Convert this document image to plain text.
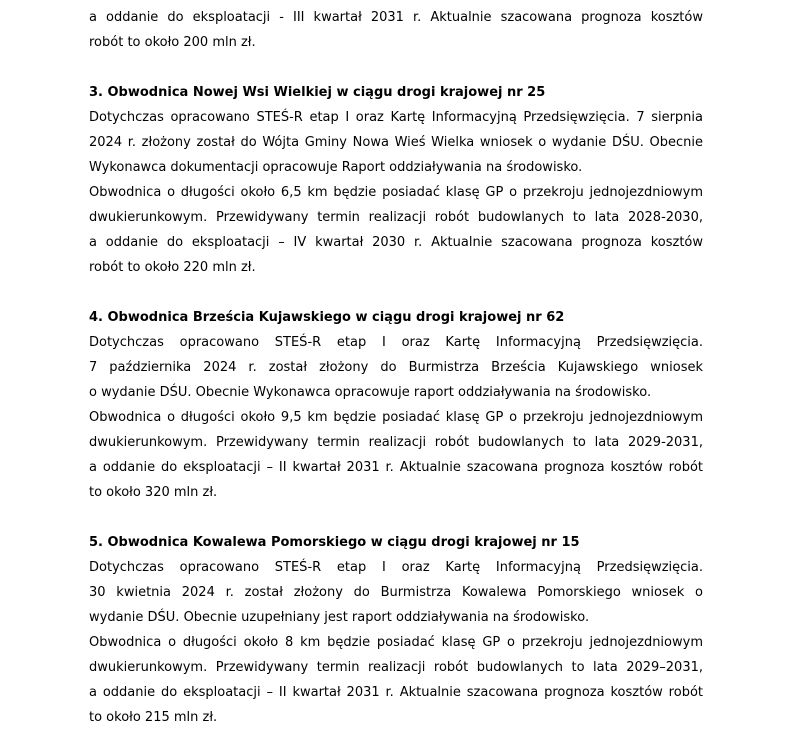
a oddanie do eksploatacji - III kwartał 2031 r. Aktualnie szacowana prognoza kosztów
robót to około 200 mln zł.
3. Obwodnica Nowej Wsi Wielkiej w ciągu drogi krajowej nr 25
Dotychczas opracowano STEŚ-R etap I oraz Kartę Informacyjną Przedsięwzięcia. 7 sierpnia
2024 r. złożony został do Wójta Gminy Nowa Wieś Wielka wniosek o wydanie DŚU. Obecnie
Wykonawca dokumentacji opracowuje Raport oddziaływania na środowisko.
Obwodnica o długości około 6,5 km będzie posiadać klasę GP o przekroju jednojezdniowym
dwukierunkowym. Przewidywany termin realizacji robót budowlanych to lata 2028-2030,
a oddanie do eksploatacji – IV kwartał 2030 r. Aktualnie szacowana prognoza kosztów
robót to około 220 mln zł.
4. Obwodnica Brześcia Kujawskiego w ciągu drogi krajowej nr 62
Dotychczas opracowano STEŚ-R etap I oraz Kartę Informacyjną Przedsięwzięcia.
7 października 2024 r. został złożony do Burmistrza Brześcia Kujawskiego wniosek
o wydanie DŚU. Obecnie Wykonawca opracowuje raport oddziaływania na środowisko.
Obwodnica o długości około 9,5 km będzie posiadać klasę GP o przekroju jednojezdniowym
dwukierunkowym. Przewidywany termin realizacji robót budowlanych to lata 2029-2031,
a oddanie do eksploatacji – II kwartał 2031 r. Aktualnie szacowana prognoza kosztów robót
to około 320 mln zł.
5. Obwodnica Kowalewa Pomorskiego w ciągu drogi krajowej nr 15
Dotychczas opracowano STEŚ-R etap I oraz Kartę Informacyjną Przedsięwzięcia.
30 kwietnia 2024 r. został złożony do Burmistrza Kowalewa Pomorskiego wniosek o
wydanie DŚU. Obecnie uzupełniany jest raport oddziaływania na środowisko.
Obwodnica o długości około 8 km będzie posiadać klasę GP o przekroju jednojezdniowym
dwukierunkowym. Przewidywany termin realizacji robót budowlanych to lata 2029–2031,
a oddanie do eksploatacji – II kwartał 2031 r. Aktualnie szacowana prognoza kosztów robót
to około 215 mln zł.
